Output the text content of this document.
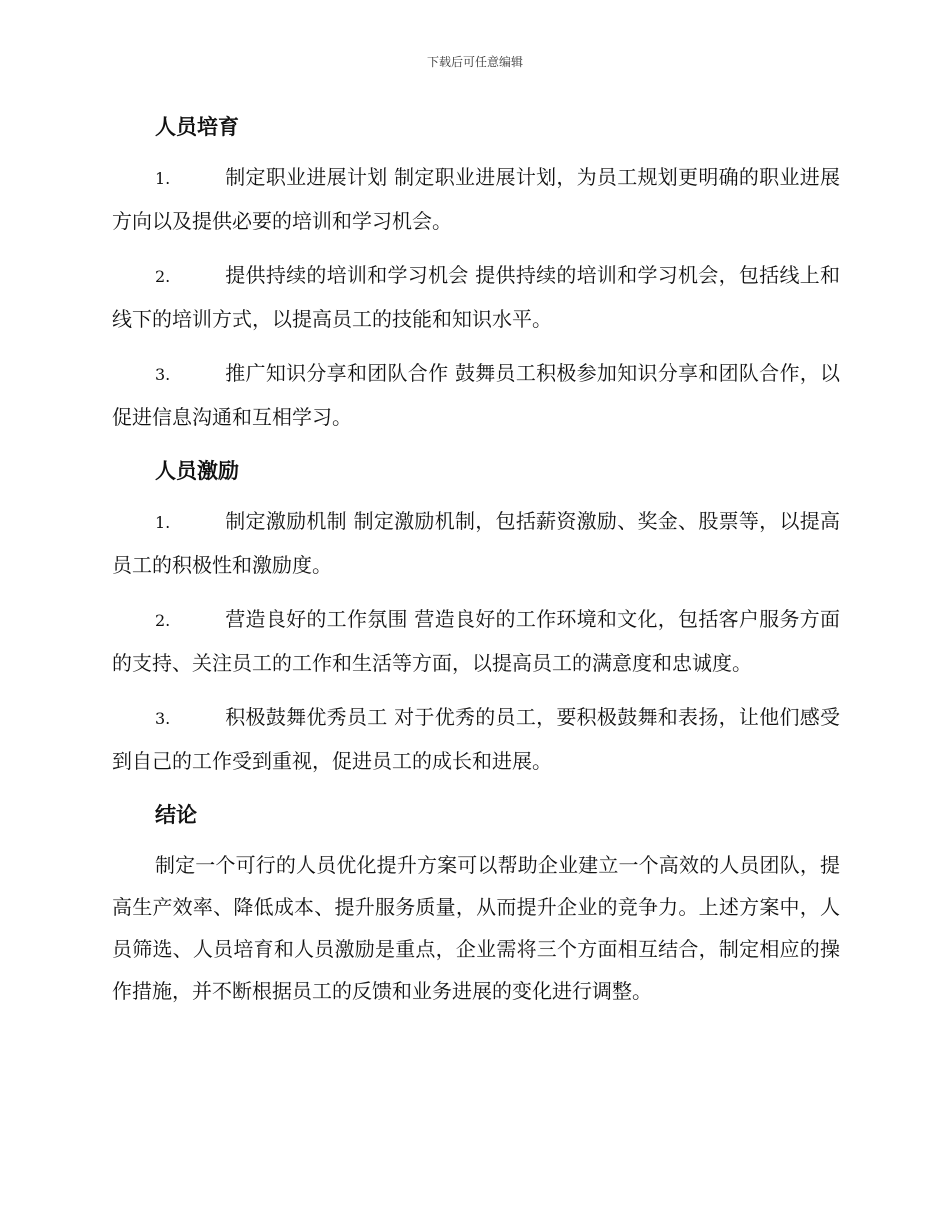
下载后可任意编辑
人员培育
1.	制定职业进展计划 制定职业进展计划，为员工规划更明确的职业进展方向以及提供必要的培训和学习机会。
2.	提供持续的培训和学习机会 提供持续的培训和学习机会，包括线上和线下的培训方式，以提高员工的技能和知识水平。
3.	推广知识分享和团队合作 鼓舞员工积极参加知识分享和团队合作，以促进信息沟通和互相学习。
人员激励
1.	制定激励机制 制定激励机制，包括薪资激励、奖金、股票等，以提高员工的积极性和激励度。
2.	营造良好的工作氛围 营造良好的工作环境和文化，包括客户服务方面的支持、关注员工的工作和生活等方面，以提高员工的满意度和忠诚度。
3.	积极鼓舞优秀员工 对于优秀的员工，要积极鼓舞和表扬，让他们感受到自己的工作受到重视，促进员工的成长和进展。
结论

制定一个可行的人员优化提升方案可以帮助企业建立一个高效的人员团队，提高生产效率、降低成本、提升服务质量，从而提升企业的竞争力。上述方案中，人员筛选、人员培育和人员激励是重点，企业需将三个方面相互结合，制定相应的操作措施，并不断根据员工的反馈和业务进展的变化进行调整。
